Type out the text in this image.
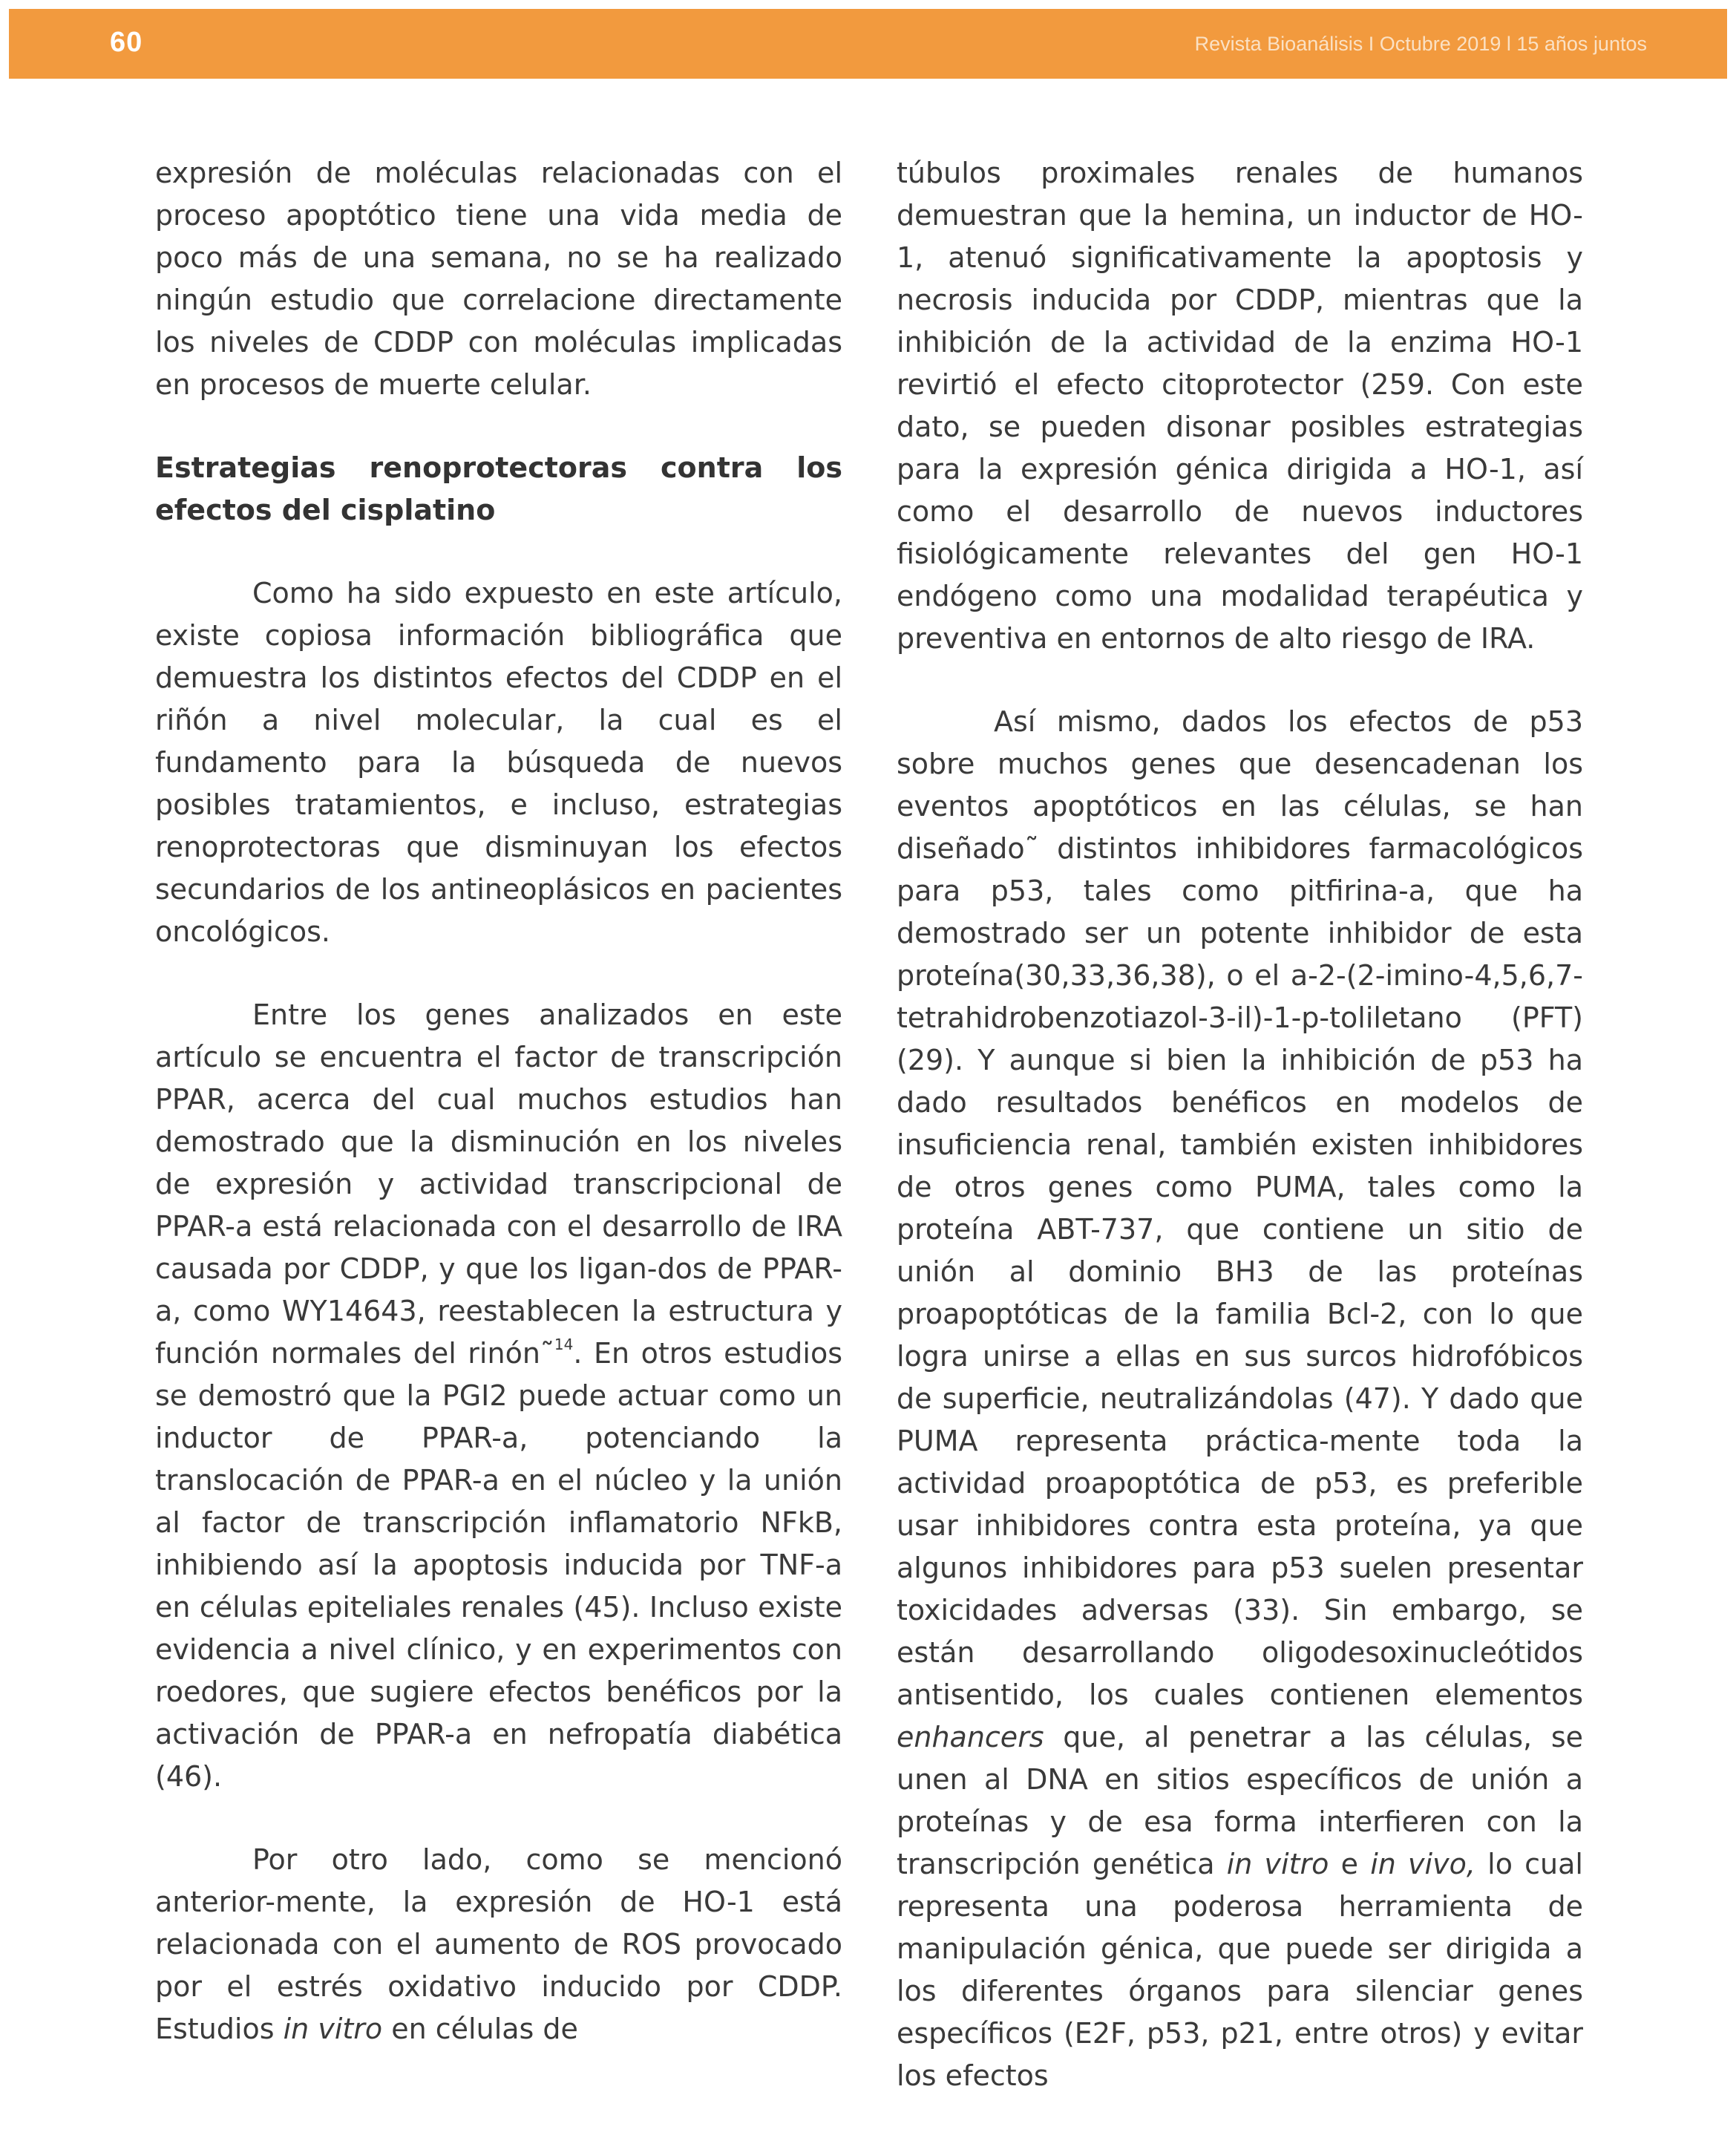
60	Revista Bioanálisis I Octubre 2019 l 15 años juntos

expresión de moléculas relacionadas con el proceso apoptótico tiene una vida media de poco más de una semana, no se ha realizado ningún estudio que correlacione directamente los niveles de CDDP con moléculas implicadas en procesos de muerte celular.

Estrategias renoprotectoras contra los efectos del cisplatino

Como ha sido expuesto en este artículo, existe copiosa información bibliográfica que demuestra los distintos efectos del CDDP en el riñón a nivel molecular, la cual es el fundamento para la búsqueda de nuevos posibles tratamientos, e incluso, estrategias renoprotectoras que disminuyan los efectos secundarios de los antineoplásicos en pacientes oncológicos.

Entre los genes analizados en este artículo se encuentra el factor de transcripción PPAR, acerca del cual muchos estudios han demostrado que la disminución en los niveles de expresión y actividad transcripcional de PPAR-a está relacionada con el desarrollo de IRA causada por CDDP, y que los ligan-dos de PPAR-a, como WY14643, reestablecen la estructura y función normales del rinón˜$^{14}$. En otros estudios se demostró que la PGI2 puede actuar como un inductor de PPAR-a, potenciando la translocación de PPAR-a en el núcleo y la unión al factor de transcripción inflamatorio NFkB, inhibiendo así la apoptosis inducida por TNF-a en células epiteliales renales (45). Incluso existe evidencia a nivel clínico, y en experimentos con roedores, que sugiere efectos benéficos por la activación de PPAR-a en nefropatía diabética (46).

Por otro lado, como se mencionó anterior-mente, la expresión de HO-1 está relacionada con el aumento de ROS provocado por el estrés oxidativo inducido por CDDP. Estudios in vitro en células de

túbulos proximales renales de humanos demuestran que la hemina, un inductor de HO-1, atenuó significativamente la apoptosis y necrosis inducida por CDDP, mientras que la inhibición de la actividad de la enzima HO-1 revirtió el efecto citoprotector (259. Con este dato, se pueden disonar posibles estrategias para la expresión génica dirigida a HO-1, así como el desarrollo de nuevos inductores fisiológicamente relevantes del gen HO-1 endógeno como una modalidad terapéutica y preventiva en entornos de alto riesgo de IRA.

Así mismo, dados los efectos de p53 sobre muchos genes que desencadenan los eventos apoptóticos en las células, se han diseñado˜ distintos inhibidores farmacológicos para p53, tales como pitfirina-a, que ha demostrado ser un potente inhibidor de esta proteína(30,33,36,38), o el a-2-(2-imino-4,5,6,7-tetrahidrobenzotiazol-3-il)-1-p-toliletano (PFT)(29). Y aunque si bien la inhibición de p53 ha dado resultados benéficos en modelos de insuficiencia renal, también existen inhibidores de otros genes como PUMA, tales como la proteína ABT-737, que contiene un sitio de unión al dominio BH3 de las proteínas proapoptóticas de la familia Bcl-2, con lo que logra unirse a ellas en sus surcos hidrofóbicos de superficie, neutralizándolas (47). Y dado que PUMA representa práctica-mente toda la actividad proapoptótica de p53, es preferible usar inhibidores contra esta proteína, ya que algunos inhibidores para p53 suelen presentar toxicidades adversas (33). Sin embargo, se están desarrollando oligodesoxinucleótidos antisentido, los cuales contienen elementos enhancers que, al penetrar a las células, se unen al DNA en sitios específicos de unión a proteínas y de esa forma interfieren con la transcripción genética in vitro e in vivo, lo cual representa una poderosa herramienta de manipulación génica, que puede ser dirigida a los diferentes órganos para silenciar genes específicos (E2F, p53, p21, entre otros) y evitar los efectos
